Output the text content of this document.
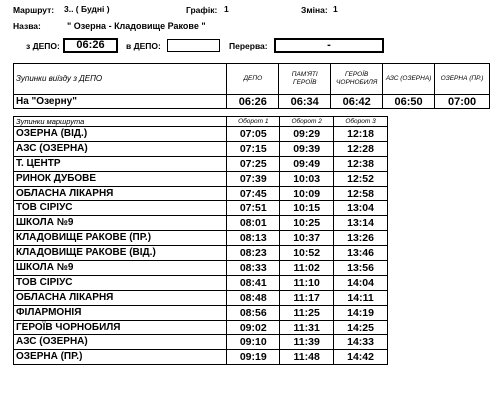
Маршрут: 3.. ( Будні )	Графік: 1	Зміна: 1
Назва:	" Озерна - Кладовище Ракове "
з ДЕПО:	06:26	в ДЕПО:	Перерва:	-
Зупинки виїзду з ДЕПО	ДЕПО	ПАМ'ЯТІ ГЕРОЇВ	ГЕРОЇВ ЧОРНОБИЛЯ	АЗС (ОЗЕРНА)	ОЗЕРНА (ПР.)
На "Озерну"	06:26	06:34	06:42	06:50	07:00
Зупинки маршрута	Оборот 1	Оборот 2	Оборот 3
ОЗЕРНА (ВІД.)	07:05	09:29	12:18
АЗС (ОЗЕРНА)	07:15	09:39	12:28
Т. ЦЕНТР	07:25	09:49	12:38
РИНОК ДУБОВЕ	07:39	10:03	12:52
ОБЛАСНА ЛІКАРНЯ	07:45	10:09	12:58
ТОВ СІРІУС	07:51	10:15	13:04
ШКОЛА №9	08:01	10:25	13:14
КЛАДОВИЩЕ РАКОВЕ (ПР.)	08:13	10:37	13:26
КЛАДОВИЩЕ РАКОВЕ (ВІД.)	08:23	10:52	13:46
ШКОЛА №9	08:33	11:02	13:56
ТОВ СІРІУС	08:41	11:10	14:04
ОБЛАСНА ЛІКАРНЯ	08:48	11:17	14:11
ФІЛАРМОНІЯ	08:56	11:25	14:19
ГЕРОЇВ ЧОРНОБИЛЯ	09:02	11:31	14:25
АЗС (ОЗЕРНА)	09:10	11:39	14:33
ОЗЕРНА (ПР.)	09:19	11:48	14:42
